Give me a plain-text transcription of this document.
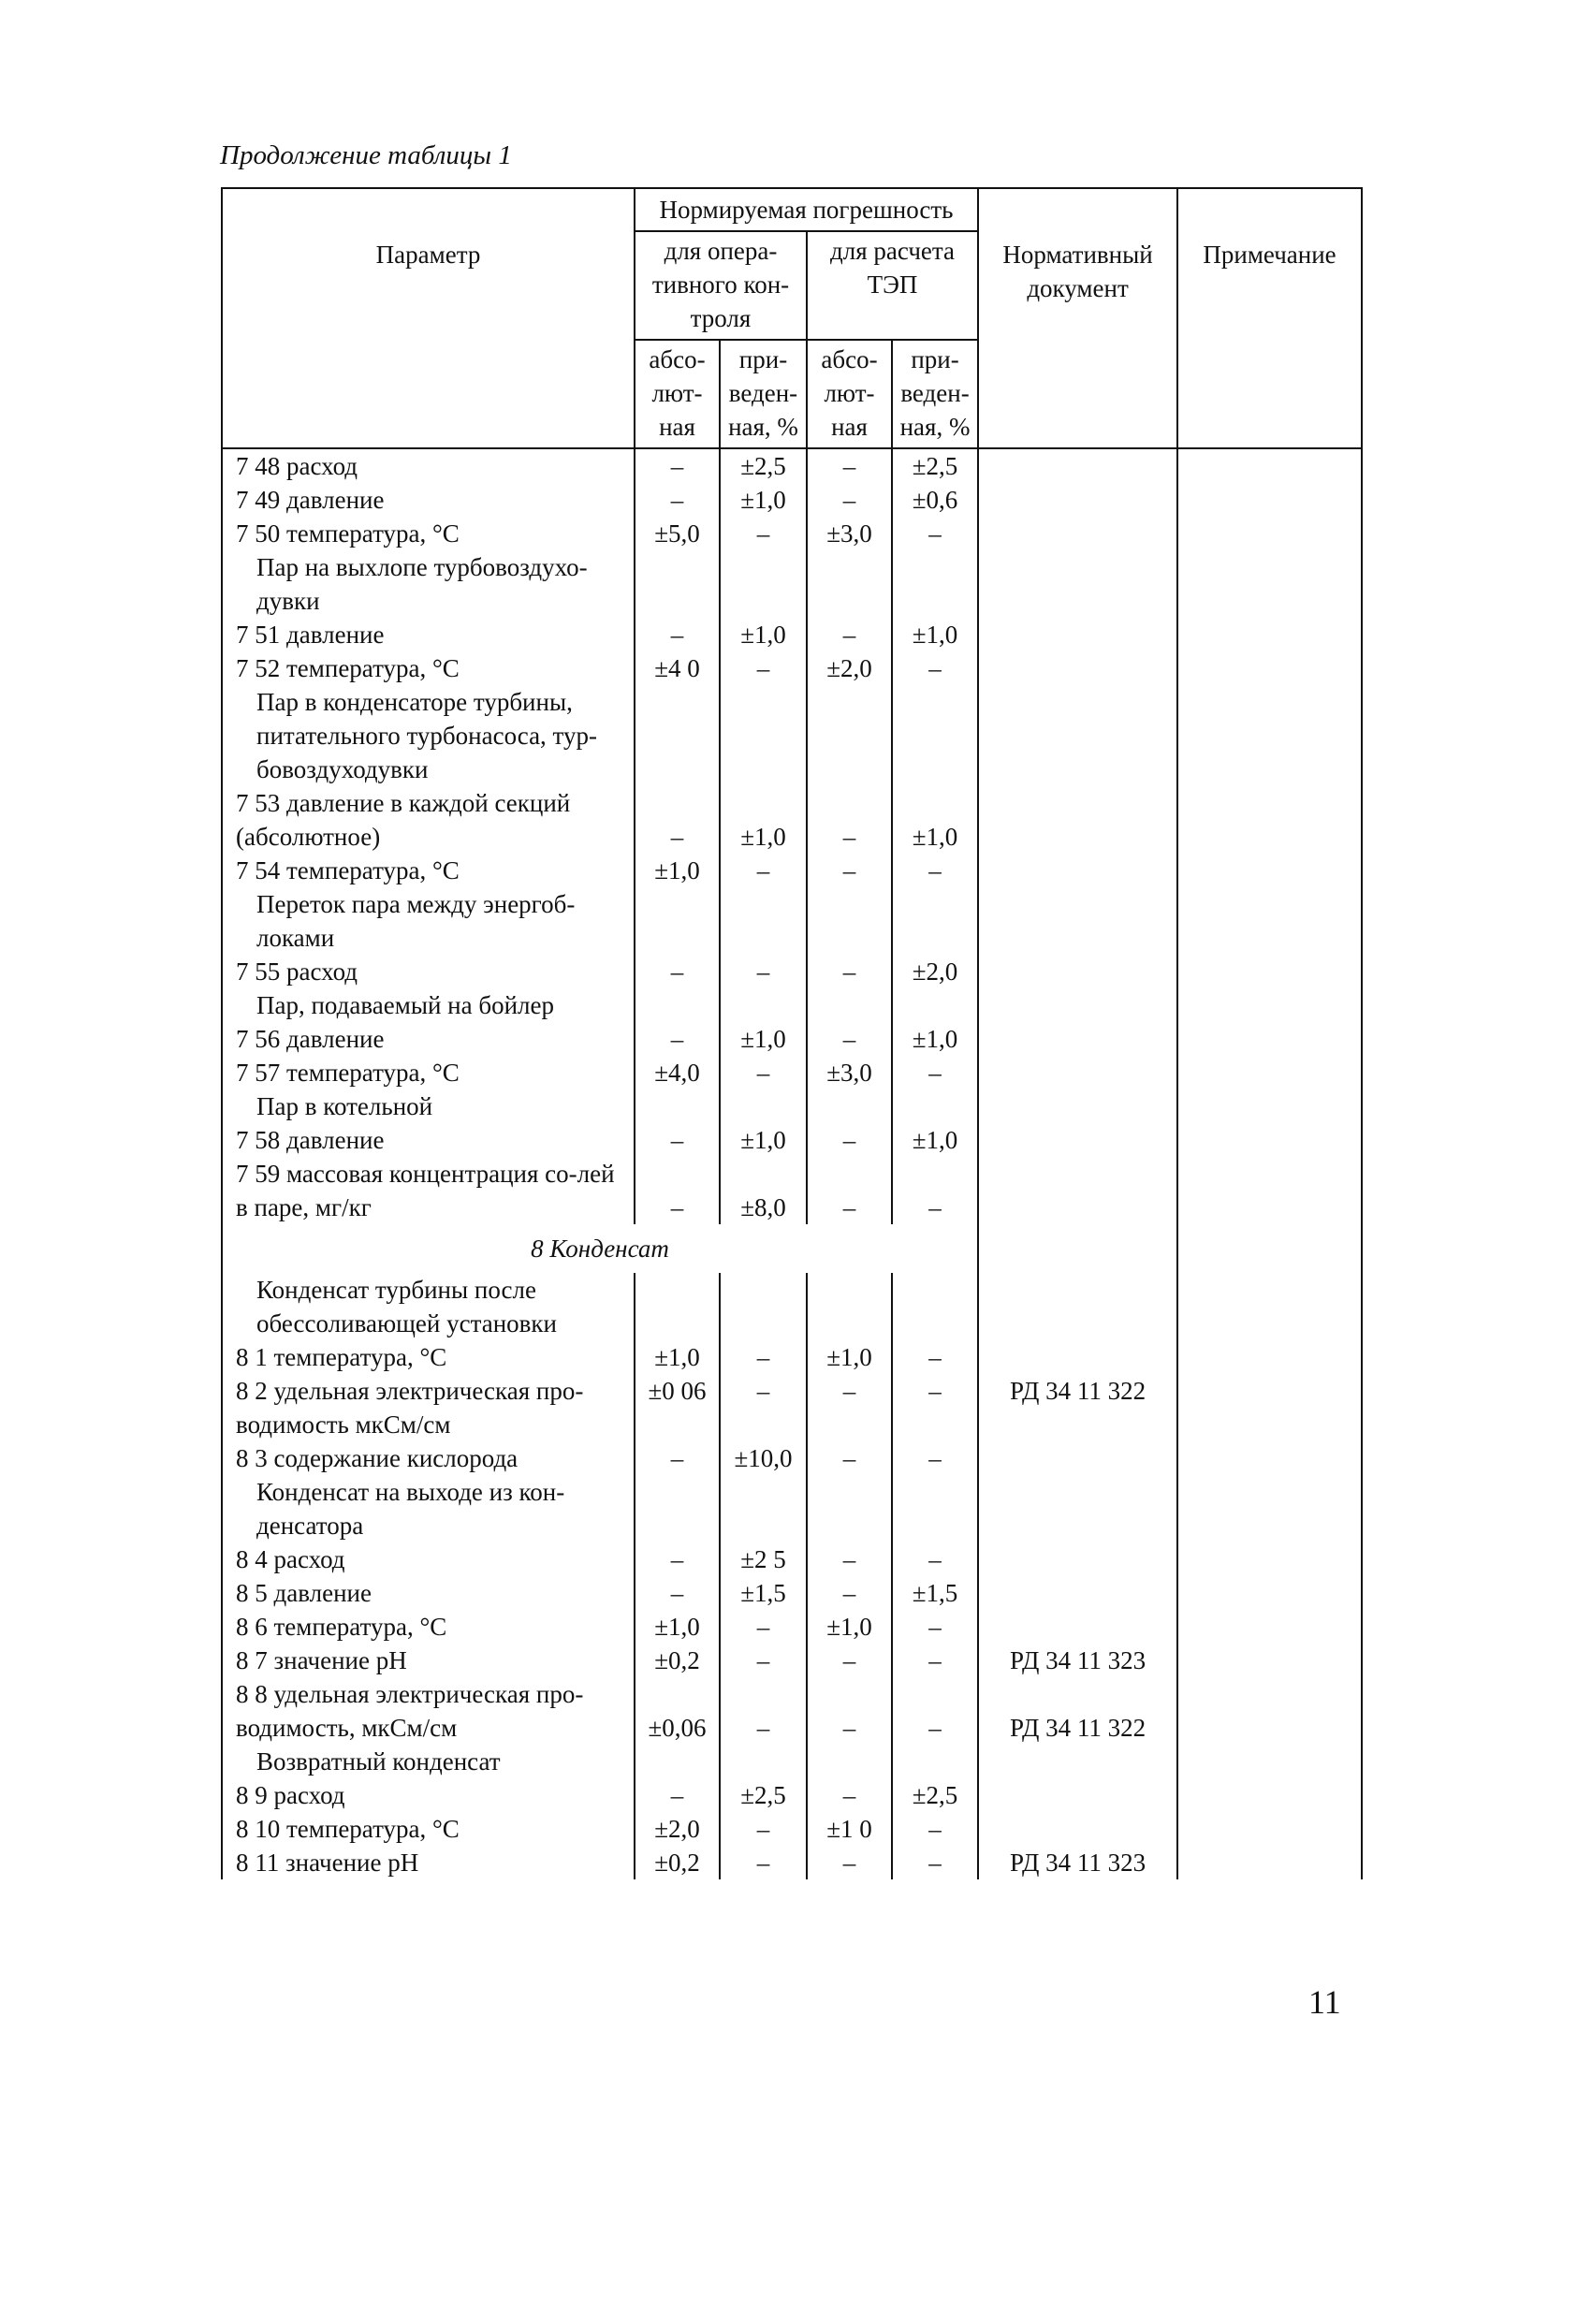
Продолжение таблицы 1
Параметр	Нормируемая погрешность				Нормативный документ	Примечание
	для опера-тивного кон-троля		для расчета ТЭП			
	абсо-лют-ная	при-веден-ная, %	абсо-лют-ная	при-веден-ная, %		
7 48 расход	–	±2,5	–	±2,5		
7 49 давление	–	±1,0	–	±0,6		
7 50 температура, °С	±5,0	–	±3,0	–		
Пар на выхлопе турбовоздухо-дувки						
7 51 давление	–	±1,0	–	±1,0		
7 52 температура, °С	±4 0	–	±2,0	–		
Пар в конденсаторе турбины, питательного турбонасоса, тур-бовоздуходувки						
7 53 давление в каждой секций (абсолютное)	–	±1,0	–	±1,0		
7 54 температура, °С	±1,0	–	–	–		
Переток пара между энергоб-локами						
7 55 расход	–	–	–	±2,0		
Пар, подаваемый на бойлер						
7 56 давление	–	±1,0	–	±1,0		
7 57 температура, °С	±4,0	–	±3,0	–		
Пар в котельной						
7 58 давление	–	±1,0	–	±1,0		
7 59 массовая концентрация со-лей в паре, мг/кг	–	±8,0	–	–		
8 Конденсат						
Конденсат турбины после обессоливающей установки						
8 1 температура, °С	±1,0	–	±1,0	–		
8 2 удельная электрическая про-водимость мкСм/см	±0 06	–	–	–	РД 34 11 322	
8 3 содержание кислорода	–	±10,0	–	–		
Конденсат на выходе из кон-денсатора						
8 4 расход	–	±2 5	–	–		
8 5 давление	–	±1,5	–	±1,5		
8 6 температура, °С	±1,0	–	±1,0	–		
8 7 значение pH	±0,2	–	–	–	РД 34 11 323	
8 8 удельная электрическая про-водимость, мкСм/см	±0,06	–	–	–	РД 34 11 322	
Возвратный конденсат						
8 9 расход	–	±2,5	–	±2,5		
8 10 температура, °С	±2,0	–	±1 0	–		
8 11 значение pH	±0,2	–	–	–	РД 34 11 323	
11
